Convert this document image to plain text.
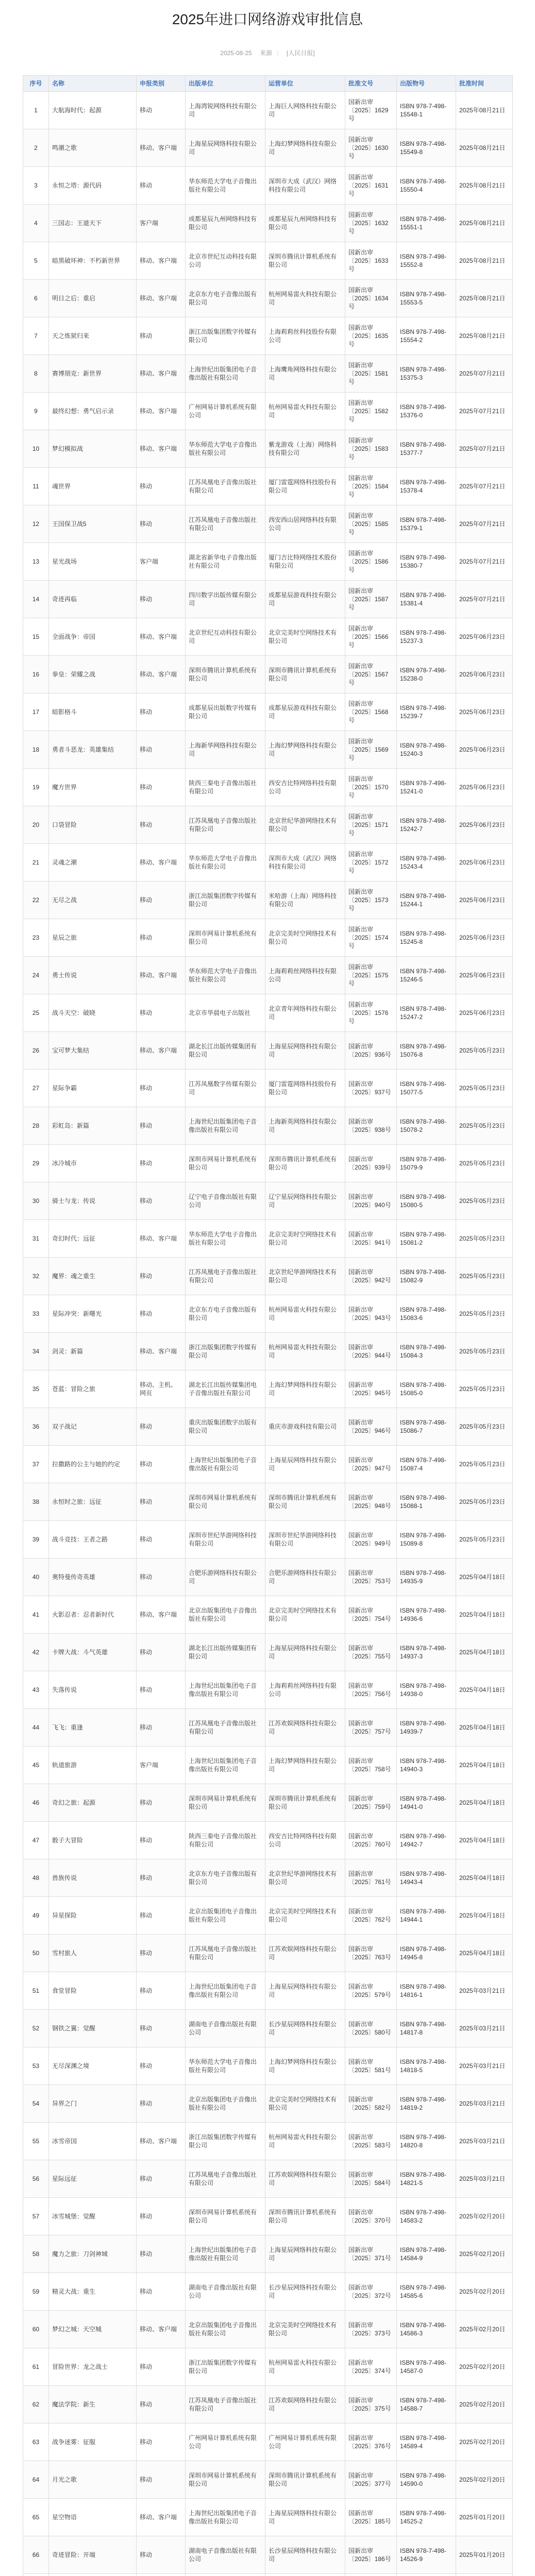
2025年进口网络游戏审批信息
2025-08-25 来源 ： [人民日报]
序号	名称	申报类别	出版单位	运营单位	批准文号	出版物号	批准时间
1	大航海时代：起源	移动	上海湾锐网络科技有限公司	上海巨人网络科技有限公司	国新出审〔2025〕1629号	ISBN 978-7-498-15548-1	2025年08月21日
2	鸣潮之歌	移动、客户端	上海星辰网络科技有限公司	上海幻梦网络科技有限公司	国新出审〔2025〕1630号	ISBN 978-7-498-15549-8	2025年08月21日
3	永恒之塔：源代码	移动	华东师范大学电子音像出版社有限公司	深圳市大成（武汉）网络科技有限公司	国新出审〔2025〕1631号	ISBN 978-7-498-15550-4	2025年08月21日
4	三国志：王道天下	客户端	成都星辰九州网络科技有限公司	成都星辰九州网络科技有限公司	国新出审〔2025〕1632号	ISBN 978-7-498-15551-1	2025年08月21日
5	暗黑破坏神：不朽新世界	移动、客户端	北京市世纪互动科技有限公司	深圳市腾讯计算机系统有限公司	国新出审〔2025〕1633号	ISBN 978-7-498-15552-8	2025年08月21日
6	明日之后：重启	移动、客户端	北京东方电子音像出版有限公司	杭州网易雷火科技有限公司	国新出审〔2025〕1634号	ISBN 978-7-498-15553-5	2025年08月21日
7	天之炼狱归来	移动	浙江出版集团数字传媒有限公司	上海莉莉丝科技股份有限公司	国新出审〔2025〕1635号	ISBN 978-7-498-15554-2	2025年08月21日
8	赛博朋克：新世界	移动、客户端	上海世纪出版集团电子音像出版社有限公司	上海鹰角网络科技有限公司	国新出审〔2025〕1581号	ISBN 978-7-498-15375-3	2025年07月21日
9	最终幻想：勇气启示录	移动、客户端	广州网易计算机系统有限公司	杭州网易雷火科技有限公司	国新出审〔2025〕1582号	ISBN 978-7-498-15376-0	2025年07月21日
10	梦幻模拟战	移动、客户端	华东师范大学电子音像出版社有限公司	紫龙游戏（上海）网络科技有限公司	国新出审〔2025〕1583号	ISBN 978-7-498-15377-7	2025年07月21日
11	魂世界	移动	江苏凤凰电子音像出版社有限公司	厦门雷霆网络科技股份有限公司	国新出审〔2025〕1584号	ISBN 978-7-498-15378-4	2025年07月21日
12	王国保卫战5	移动	江苏凤凰电子音像出版社有限公司	西安西山居网络科技有限公司	国新出审〔2025〕1585号	ISBN 978-7-498-15379-1	2025年07月21日
13	星光战场	客户端	湖北省新华电子音像出版社有限公司	厦门吉比特网络技术股份有限公司	国新出审〔2025〕1586号	ISBN 978-7-498-15380-7	2025年07月21日
14	奇迹再临	移动	四川数字出版传媒有限公司	成都星辰游戏科技有限公司	国新出审〔2025〕1587号	ISBN 978-7-498-15381-4	2025年07月21日
15	全面战争：帝国	移动、客户端	北京世纪互动科技有限公司	北京完美时空网络技术有限公司	国新出审〔2025〕1566号	ISBN 978-7-498-15237-3	2025年06月23日
16	拳皇：荣耀之战	移动、客户端	深圳市腾讯计算机系统有限公司	深圳市腾讯计算机系统有限公司	国新出审〔2025〕1567号	ISBN 978-7-498-15238-0	2025年06月23日
17	暗影格斗	移动	成都星辰出版数字传媒有限公司	成都星辰游戏科技有限公司	国新出审〔2025〕1568号	ISBN 978-7-498-15239-7	2025年06月23日
18	勇者斗恶龙：英雄集结	移动	上海新华网络科技有限公司	上海幻梦网络科技有限公司	国新出审〔2025〕1569号	ISBN 978-7-498-15240-3	2025年06月23日
19	魔方世界	移动	陕西三秦电子音像出版社有限公司	西安吉比特网络科技有限公司	国新出审〔2025〕1570号	ISBN 978-7-498-15241-0	2025年06月23日
20	口袋冒险	移动	江苏凤凰电子音像出版社有限公司	北京世纪华游网络技术有限公司	国新出审〔2025〕1571号	ISBN 978-7-498-15242-7	2025年06月23日
21	灵魂之潮	移动、客户端	华东师范大学电子音像出版社有限公司	深圳市大成（武汉）网络科技有限公司	国新出审〔2025〕1572号	ISBN 978-7-498-15243-4	2025年06月23日
22	无尽之战	移动	浙江出版集团数字传媒有限公司	米哈游（上海）网络科技有限公司	国新出审〔2025〕1573号	ISBN 978-7-498-15244-1	2025年06月23日
23	星辰之旅	移动	深圳市网易计算机系统有限公司	北京完美时空网络技术有限公司	国新出审〔2025〕1574号	ISBN 978-7-498-15245-8	2025年06月23日
24	勇士传说	移动、客户端	华东师范大学电子音像出版社有限公司	上海莉莉丝网络科技有限公司	国新出审〔2025〕1575号	ISBN 978-7-498-15246-5	2025年06月23日
25	战斗天空：破晓	移动	北京市华晨电子出版社	北京青年网络科技有限公司	国新出审〔2025〕1576号	ISBN 978-7-498-15247-2	2025年06月23日
26	宝可梦大集结	移动、客户端	湖北长江出版传媒集团有限公司	上海星辰网络科技有限公司	国新出审〔2025〕936号	ISBN 978-7-498-15076-8	2025年05月23日
27	星际争霸	移动	江苏凤凰数字传媒有限公司	厦门雷霆网络科技股份有限公司	国新出审〔2025〕937号	ISBN 978-7-498-15077-5	2025年05月23日
28	彩虹岛：新篇	移动	上海世纪出版集团电子音像出版社有限公司	上海新英网络科技有限公司	国新出审〔2025〕938号	ISBN 978-7-498-15078-2	2025年05月23日
29	冰冷城市	移动	深圳市网易计算机系统有限公司	深圳市腾讯计算机系统有限公司	国新出审〔2025〕939号	ISBN 978-7-498-15079-9	2025年05月23日
30	骑士与龙：传说	移动	辽宁电子音像出版社有限公司	辽宁星辰网络科技有限公司	国新出审〔2025〕940号	ISBN 978-7-498-15080-5	2025年05月23日
31	奇幻时代：远征	移动、客户端	华东师范大学电子音像出版社有限公司	北京完美时空网络技术有限公司	国新出审〔2025〕941号	ISBN 978-7-498-15081-2	2025年05月23日
32	魔界：魂之重生	移动	江苏凤凰电子音像出版社有限公司	北京世纪华游网络技术有限公司	国新出审〔2025〕942号	ISBN 978-7-498-15082-9	2025年05月23日
33	星际冲突：新曙光	移动	北京东方电子音像出版有限公司	杭州网易雷火科技有限公司	国新出审〔2025〕943号	ISBN 978-7-498-15083-6	2025年05月23日
34	剑灵：新篇	移动、客户端	浙江出版集团数字传媒有限公司	杭州网易雷火科技有限公司	国新出审〔2025〕944号	ISBN 978-7-498-15084-3	2025年05月23日
35	苍蓝：冒险之旅	移动、主机、网页	湖北长江出版传媒集团电子音像出版社有限公司	上海幻梦网络科技有限公司	国新出审〔2025〕945号	ISBN 978-7-498-15085-0	2025年05月23日
36	双子战记	移动	重庆出版集团数字出版有限公司	重庆市游戏科技有限公司	国新出审〔2025〕946号	ISBN 978-7-498-15086-7	2025年05月23日
37	拉撒路的公主与她的约定	移动	上海世纪出版集团电子音像出版社有限公司	上海星辰网络科技有限公司	国新出审〔2025〕947号	ISBN 978-7-498-15087-4	2025年05月23日
38	永恒时之旅：远征	移动	深圳市网易计算机系统有限公司	深圳市腾讯计算机系统有限公司	国新出审〔2025〕948号	ISBN 978-7-498-15088-1	2025年05月23日
39	战斗竞技：王者之路	移动	深圳市世纪华游网络科技有限公司	深圳市世纪华游网络科技有限公司	国新出审〔2025〕949号	ISBN 978-7-498-15089-8	2025年05月23日
40	奥特曼传奇英雄	移动	合肥乐游网络科技有限公司	合肥乐游网络科技有限公司	国新出审〔2025〕753号	ISBN 978-7-498-14935-9	2025年04月18日
41	火影忍者：忍者新时代	移动、客户端	北京出版集团电子音像出版社有限公司	北京完美时空网络技术有限公司	国新出审〔2025〕754号	ISBN 978-7-498-14936-6	2025年04月18日
42	卡牌大战：斗气英雄	移动	湖北长江出版传媒集团有限公司	上海星辰网络科技有限公司	国新出审〔2025〕755号	ISBN 978-7-498-14937-3	2025年04月18日
43	失落传说	移动	上海世纪出版集团电子音像出版社有限公司	上海莉莉丝网络科技有限公司	国新出审〔2025〕756号	ISBN 978-7-498-14938-0	2025年04月18日
44	飞飞：重逢	移动	江苏凤凰电子音像出版社有限公司	江苏欢娱网络科技有限公司	国新出审〔2025〕757号	ISBN 978-7-498-14939-7	2025年04月18日
45	轨道旅游	客户端	上海世纪出版集团电子音像出版社有限公司	上海幻梦网络科技有限公司	国新出审〔2025〕758号	ISBN 978-7-498-14940-3	2025年04月18日
46	奇幻之旅：起源	移动	深圳市网易计算机系统有限公司	深圳市腾讯计算机系统有限公司	国新出审〔2025〕759号	ISBN 978-7-498-14941-0	2025年04月18日
47	骰子大冒险	移动	陕西三秦电子音像出版社有限公司	西安吉比特网络科技有限公司	国新出审〔2025〕760号	ISBN 978-7-498-14942-7	2025年04月18日
48	兽族传说	移动	北京东方电子音像出版有限公司	北京世纪华游网络技术有限公司	国新出审〔2025〕761号	ISBN 978-7-498-14943-4	2025年04月18日
49	异星探险	移动	北京出版集团电子音像出版社有限公司	北京完美时空网络技术有限公司	国新出审〔2025〕762号	ISBN 978-7-498-14944-1	2025年04月18日
50	雪村旅人	移动	江苏凤凰电子音像出版社有限公司	江苏欢娱网络科技有限公司	国新出审〔2025〕763号	ISBN 978-7-498-14945-8	2025年04月18日
51	食堂冒险	移动	上海世纪出版集团电子音像出版社有限公司	上海星辰网络科技有限公司	国新出审〔2025〕579号	ISBN 978-7-498-14816-1	2025年03月21日
52	钢铁之翼：觉醒	移动	湖南电子音像出版社有限公司	长沙星辰网络科技有限公司	国新出审〔2025〕580号	ISBN 978-7-498-14817-8	2025年03月21日
53	无尽深渊之境	移动	华东师范大学电子音像出版社有限公司	上海幻梦网络科技有限公司	国新出审〔2025〕581号	ISBN 978-7-498-14818-5	2025年03月21日
54	异界之门	移动	北京出版集团电子音像出版社有限公司	北京完美时空网络技术有限公司	国新出审〔2025〕582号	ISBN 978-7-498-14819-2	2025年03月21日
55	冰雪帝国	移动、客户端	浙江出版集团数字传媒有限公司	杭州网易雷火科技有限公司	国新出审〔2025〕583号	ISBN 978-7-498-14820-8	2025年03月21日
56	星际远征	移动	江苏凤凰电子音像出版社有限公司	江苏欢娱网络科技有限公司	国新出审〔2025〕584号	ISBN 978-7-498-14821-5	2025年03月21日
57	冰雪城堡：觉醒	移动	深圳市网易计算机系统有限公司	深圳市腾讯计算机系统有限公司	国新出审〔2025〕370号	ISBN 978-7-498-14583-2	2025年02月20日
58	魔力之旅：刀剑神域	移动	上海世纪出版集团电子音像出版社有限公司	上海星辰网络科技有限公司	国新出审〔2025〕371号	ISBN 978-7-498-14584-9	2025年02月20日
59	精灵大战：重生	移动	湖南电子音像出版社有限公司	长沙星辰网络科技有限公司	国新出审〔2025〕372号	ISBN 978-7-498-14585-6	2025年02月20日
60	梦幻之城：天空城	移动、客户端	北京出版集团电子音像出版社有限公司	北京完美时空网络技术有限公司	国新出审〔2025〕373号	ISBN 978-7-498-14586-3	2025年02月20日
61	冒险世界：龙之战士	移动	浙江出版集团数字传媒有限公司	杭州网易雷火科技有限公司	国新出审〔2025〕374号	ISBN 978-7-498-14587-0	2025年02月20日
62	魔法学院：新生	移动	江苏凤凰电子音像出版社有限公司	江苏欢娱网络科技有限公司	国新出审〔2025〕375号	ISBN 978-7-498-14588-7	2025年02月20日
63	战争迷雾：征服	移动	广州网易计算机系统有限公司	广州网易计算机系统有限公司	国新出审〔2025〕376号	ISBN 978-7-498-14589-4	2025年02月20日
64	月光之歌	移动	深圳市网易计算机系统有限公司	深圳市腾讯计算机系统有限公司	国新出审〔2025〕377号	ISBN 978-7-498-14590-0	2025年02月20日
65	星空物语	移动、客户端	上海世纪出版集团电子音像出版社有限公司	上海星辰网络科技有限公司	国新出审〔2025〕185号	ISBN 978-7-498-14525-2	2025年01月20日
66	奇迹冒险：开端	移动	湖南电子音像出版社有限公司	长沙星辰网络科技有限公司	国新出审〔2025〕186号	ISBN 978-7-498-14526-9	2025年01月20日
